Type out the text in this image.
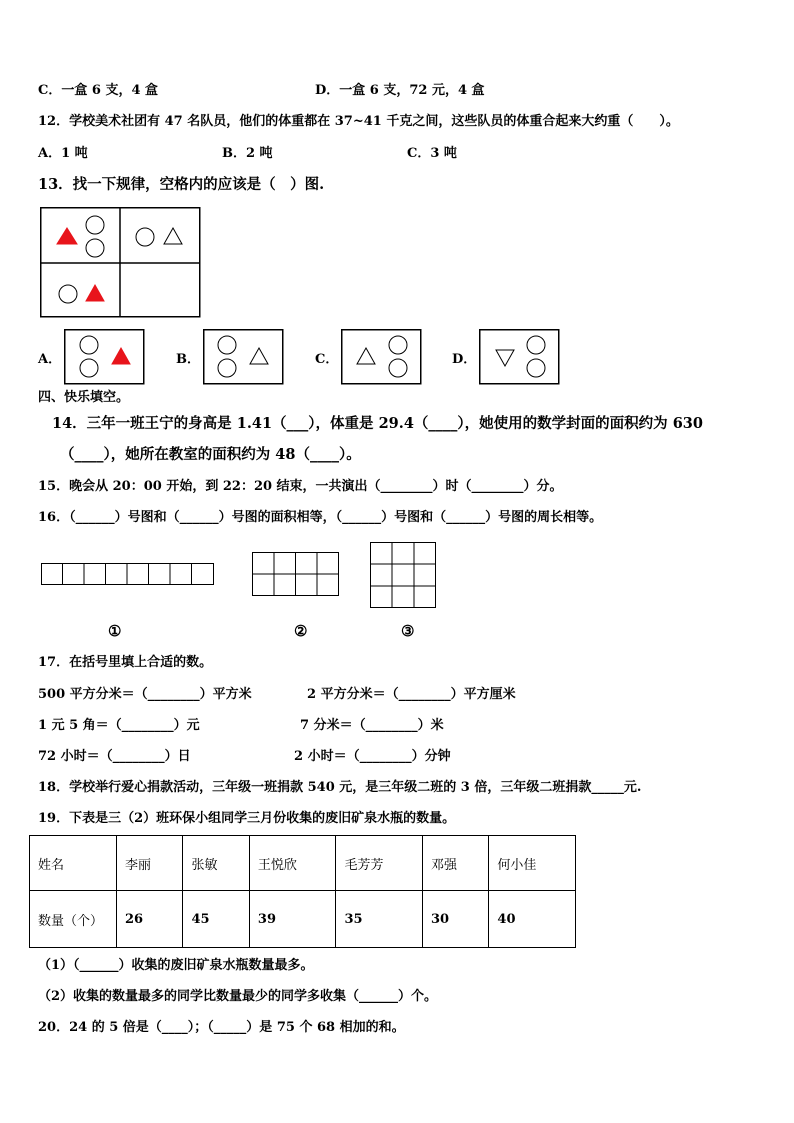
C．一盒 6 支，4 盒	D．一盒 6 支，72 元，4 盒
12．学校美术社团有 47 名队员，他们的体重都在 37~41 千克之间，这些队员的体重合起来大约重（　　）。
A．1 吨	B．2 吨	C．3 吨
13．找一下规律，空格内的应该是（　）图.
A．	B．	C．	D．
四、快乐填空。
14．三年一班王宁的身高是 1.41（___），体重是 29.4（____），她使用的数学封面的面积约为 630
（____），她所在教室的面积约为 48（____）。
15．晚会从 20：00 开始，到 22：20 结束，一共演出（________）时（________）分。
16．（______）号图和（______）号图的面积相等，（______）号图和（______）号图的周长相等。
①	②	③
17．在括号里填上合适的数。
500 平方分米＝（________）平方米	2 平方分米＝（________）平方厘米
1 元 5 角＝（________）元	7 分米＝（________）米
72 小时＝（________）日	2 小时＝（________）分钟
18．学校举行爱心捐款活动，三年级一班捐款 540 元，是三年级二班的 3 倍，三年级二班捐款_____元.
19．下表是三（2）班环保小组同学三月份收集的废旧矿泉水瓶的数量。
姓名	李丽	张敏	王悦欣	毛芳芳	邓强	何小佳
数量（个）	26	45	39	35	30	40
（1）（______）收集的废旧矿泉水瓶数量最多。
（2）收集的数量最多的同学比数量最少的同学多收集（______）个。
20．24 的 5 倍是（____）；（_____）是 75 个 68 相加的和。
